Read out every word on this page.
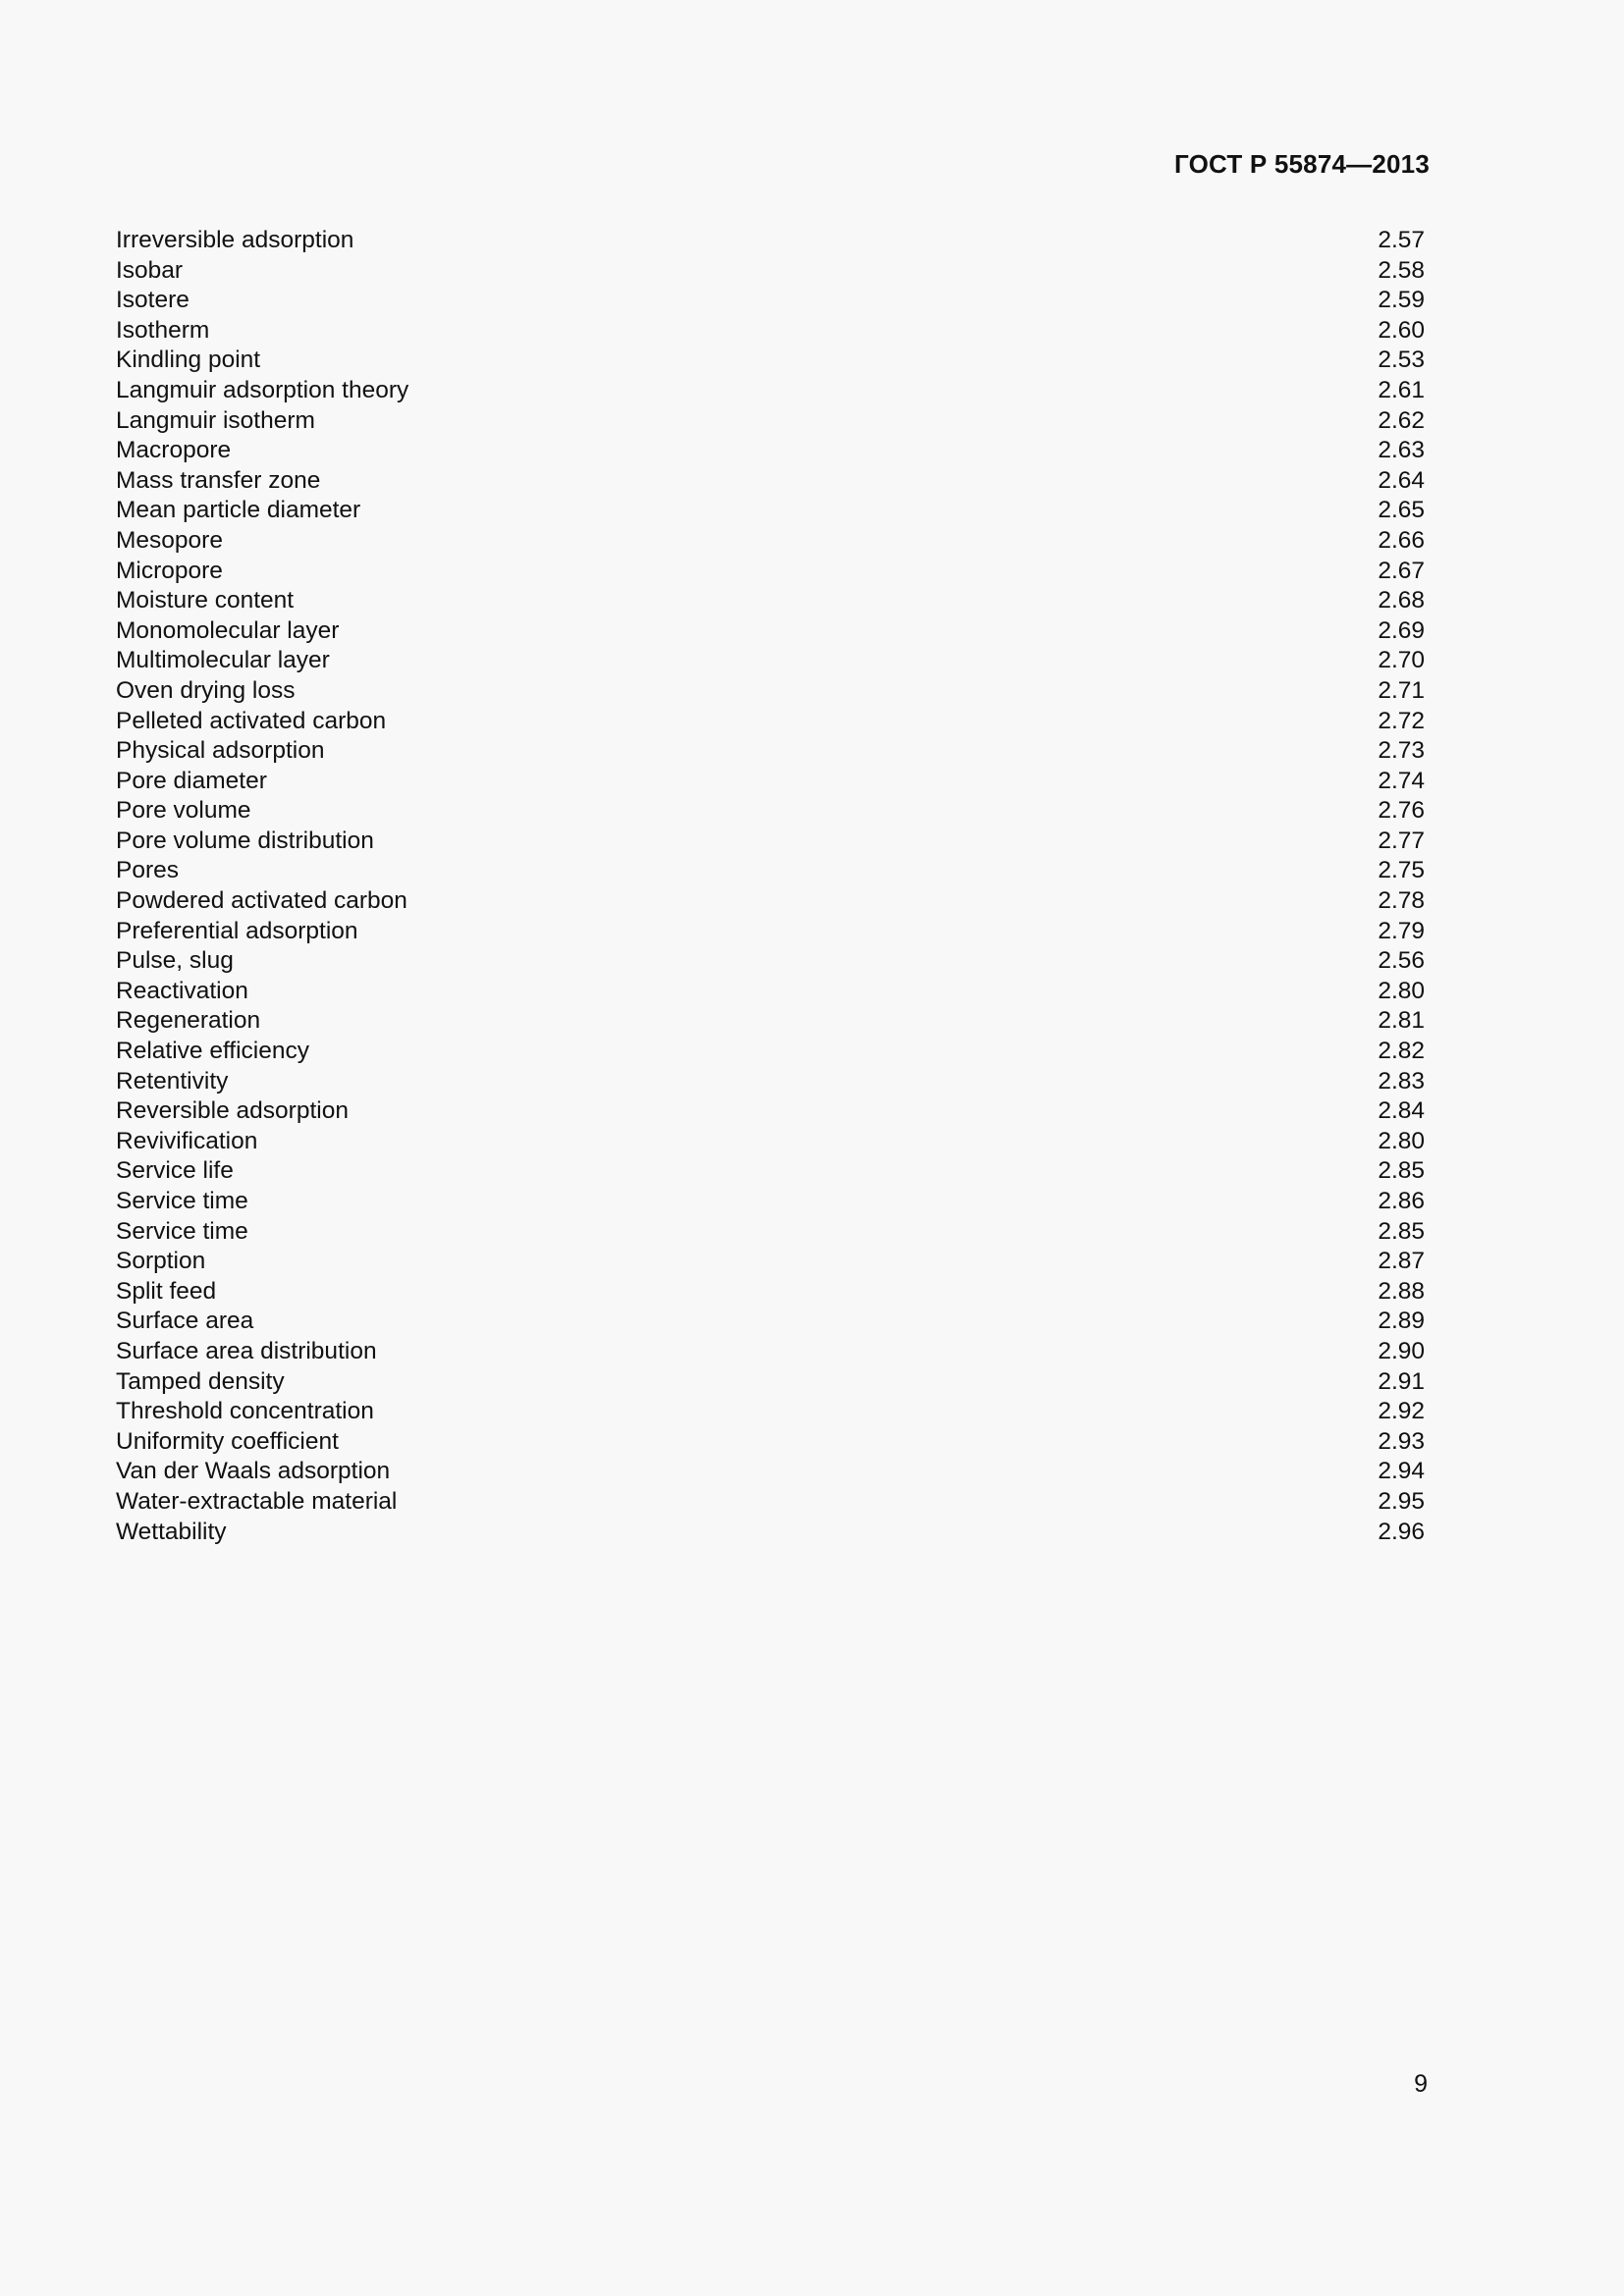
ГОСТ Р 55874—2013
Irreversible adsorption	2.57
Isobar	2.58
Isotere	2.59
Isotherm	2.60
Kindling point	2.53
Langmuir adsorption theory	2.61
Langmuir isotherm	2.62
Macropore	2.63
Mass transfer zone	2.64
Mean particle diameter	2.65
Mesopore	2.66
Micropore	2.67
Moisture content	2.68
Monomolecular layer	2.69
Multimolecular layer	2.70
Oven drying loss	2.71
Pelleted activated carbon	2.72
Physical adsorption	2.73
Pore diameter	2.74
Pore volume	2.76
Pore volume distribution	2.77
Pores	2.75
Powdered activated carbon	2.78
Preferential adsorption	2.79
Pulse, slug	2.56
Reactivation	2.80
Regeneration	2.81
Relative efficiency	2.82
Retentivity	2.83
Reversible adsorption	2.84
Revivification	2.80
Service life	2.85
Service time	2.86
Service time	2.85
Sorption	2.87
Split feed	2.88
Surface area	2.89
Surface area distribution	2.90
Tamped density	2.91
Threshold concentration	2.92
Uniformity coefficient	2.93
Van der Waals adsorption	2.94
Water-extractable material	2.95
Wettability	2.96
9
